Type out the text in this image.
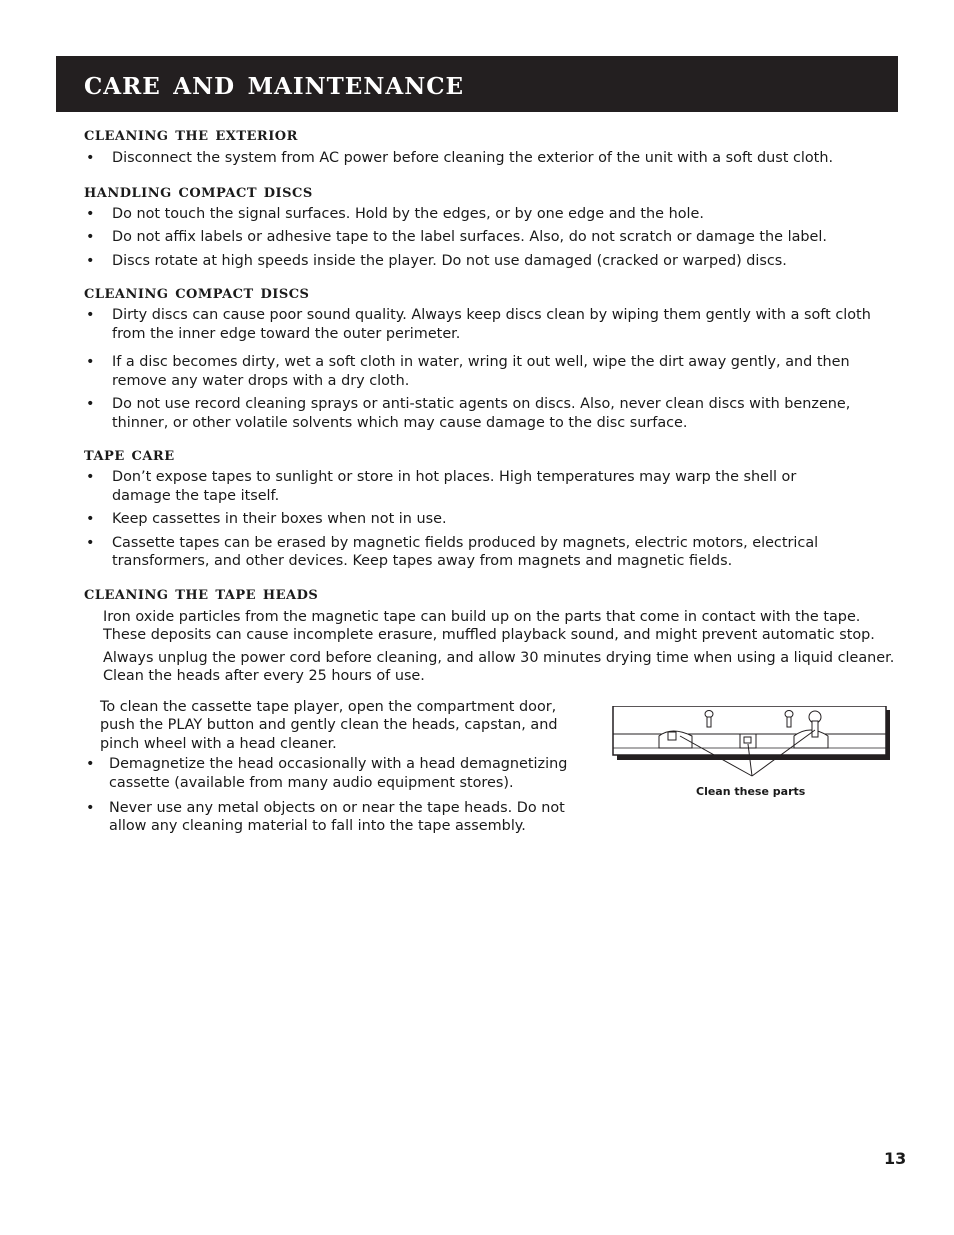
care and maintenance
cleaning the exterior
• Disconnect the system from AC power before cleaning the exterior of the unit with a soft dust cloth.
handling compact discs
• Do not touch the signal surfaces. Hold by the edges, or by one edge and the hole.
• Do not affix labels or adhesive tape to the label surfaces. Also, do not scratch or damage the label.
• Discs rotate at high speeds inside the player. Do not use damaged (cracked or warped) discs.
cleaning compact discs
• Dirty discs can cause poor sound quality. Always keep discs clean by wiping them gently with a soft cloth from the inner edge toward the outer perimeter.
• If a disc becomes dirty, wet a soft cloth in water, wring it out well, wipe the dirt away gently, and then remove any water drops with a dry cloth.
• Do not use record cleaning sprays or anti-static agents on discs. Also, never clean discs with benzene, thinner, or other volatile solvents which may cause damage to the disc surface.
tape care
• Don’t expose tapes to sunlight or store in hot places. High temperatures may warp the shell or damage the tape itself.
• Keep cassettes in their boxes when not in use.
• Cassette tapes can be erased by magnetic fields produced by magnets, electric motors, electrical transformers, and other devices. Keep tapes away from magnets and magnetic fields.
cleaning the tape heads

Iron oxide particles from the magnetic tape can build up on the parts that come in contact with the tape. These deposits can cause incomplete erasure, muffled playback sound, and might prevent automatic stop.

Always unplug the power cord before cleaning, and allow 30 minutes drying time when using a liquid cleaner. Clean the heads after every 25 hours of use.

To clean the cassette tape player, open the compartment door, push the PLAY button and gently clean the heads, capstan, and pinch wheel with a head cleaner.

• Demagnetize the head occasionally with a head demagnetizing
cassette (available from many audio equipment stores).
• Never use any metal objects on or near the tape heads. Do not allow any cleaning material to fall into the tape assembly.
Clean these parts
13
